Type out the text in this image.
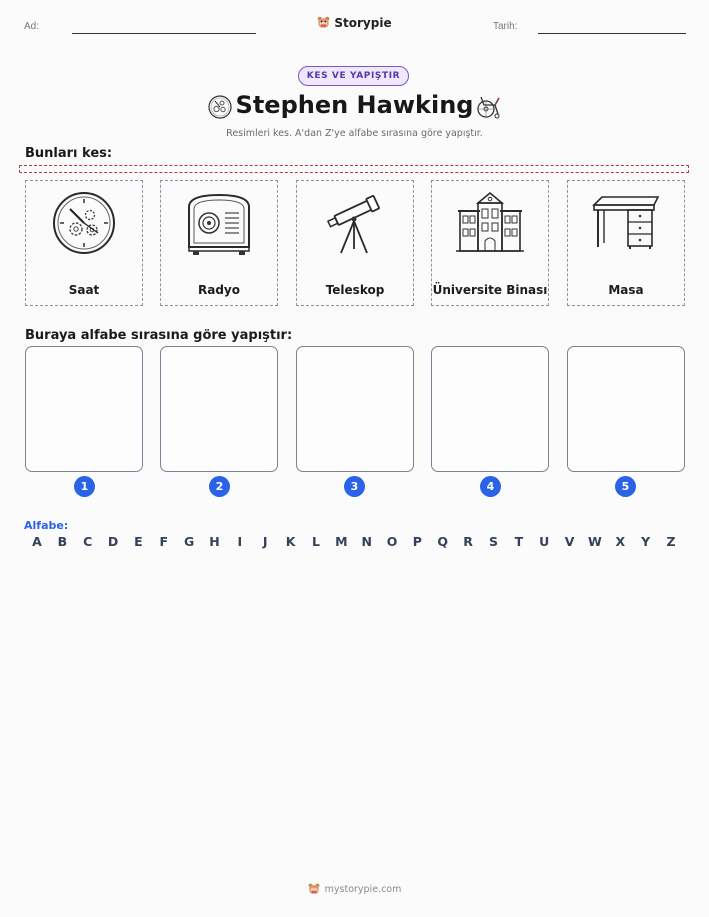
Ad:	Tarih:
Storypie
KES VE YAPIŞTIR
Stephen Hawking
Resimleri kes. A'dan Z'ye alfabe sırasına göre yapıştır.
Bunları kes:
Saat	Radyo	Teleskop	Üniversite Binası	Masa
Buraya alfabe sırasına göre yapıştır:
1	2	3	4	5
Alfabe:
A	B	C	D	E	F	G	H	I	J	K	L	M	N	O	P	Q	R	S	T	U	V	W	X	Y	Z
mystorypie.com
